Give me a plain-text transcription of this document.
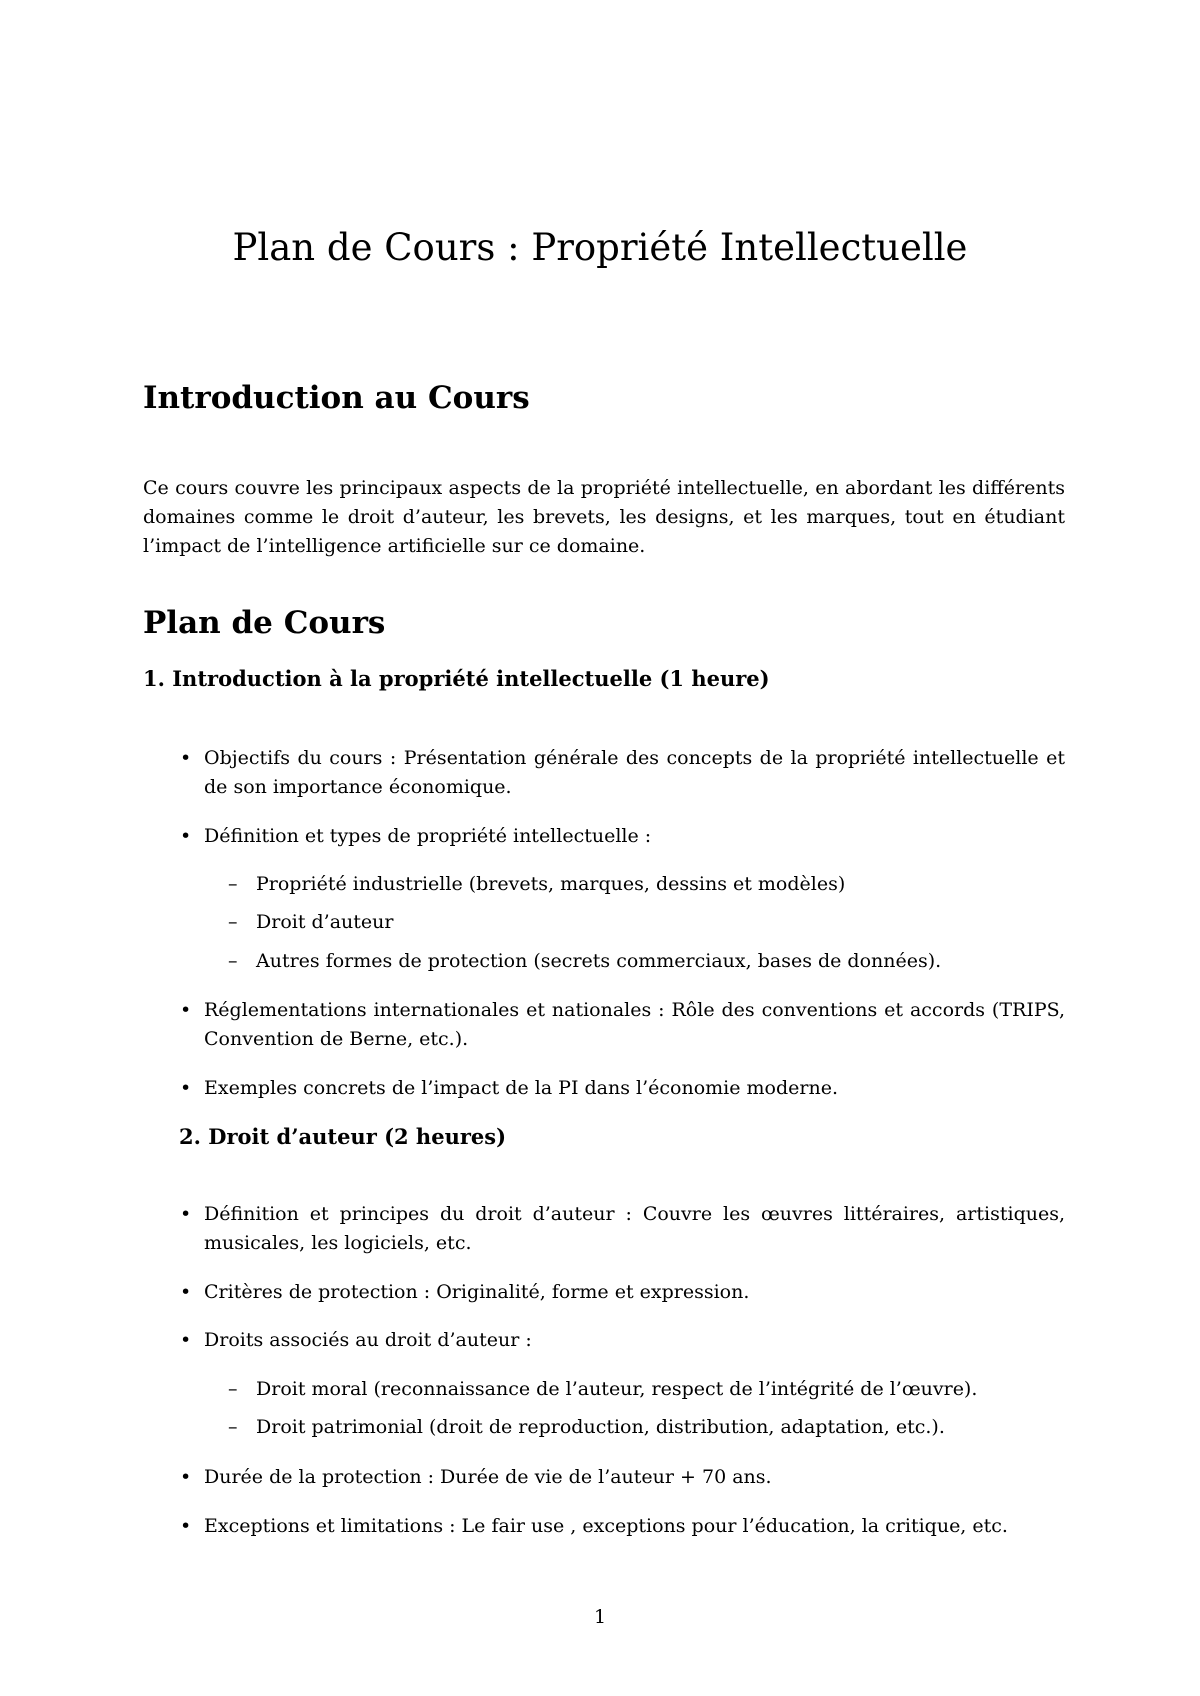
Plan de Cours : Propriété Intellectuelle
Introduction au Cours

Ce cours couvre les principaux aspects de la propriété intellectuelle, en abordant les différents domaines comme le droit d’auteur, les brevets, les designs, et les marques, tout en étudiant l’impact de l’intelligence artificielle sur ce domaine.

Plan de Cours
1. Introduction à la propriété intellectuelle (1 heure)
• Objectifs du cours : Présentation générale des concepts de la propriété intellectuelle et de son importance économique.
• Définition et types de propriété intellectuelle :
– Propriété industrielle (brevets, marques, dessins et modèles)
– Droit d’auteur
– Autres formes de protection (secrets commerciaux, bases de données).
• Réglementations internationales et nationales : Rôle des conventions et accords (TRIPS, Convention de Berne, etc.).
• Exemples concrets de l’impact de la PI dans l’économie moderne.
2. Droit d’auteur (2 heures)
• Définition et principes du droit d’auteur : Couvre les œuvres littéraires, artistiques, musicales, les logiciels, etc.
• Critères de protection : Originalité, forme et expression.
• Droits associés au droit d’auteur :
– Droit moral (reconnaissance de l’auteur, respect de l’intégrité de l’œuvre).
– Droit patrimonial (droit de reproduction, distribution, adaptation, etc.).
• Durée de la protection : Durée de vie de l’auteur + 70 ans.
• Exceptions et limitations : Le fair use , exceptions pour l’éducation, la critique, etc.
1
